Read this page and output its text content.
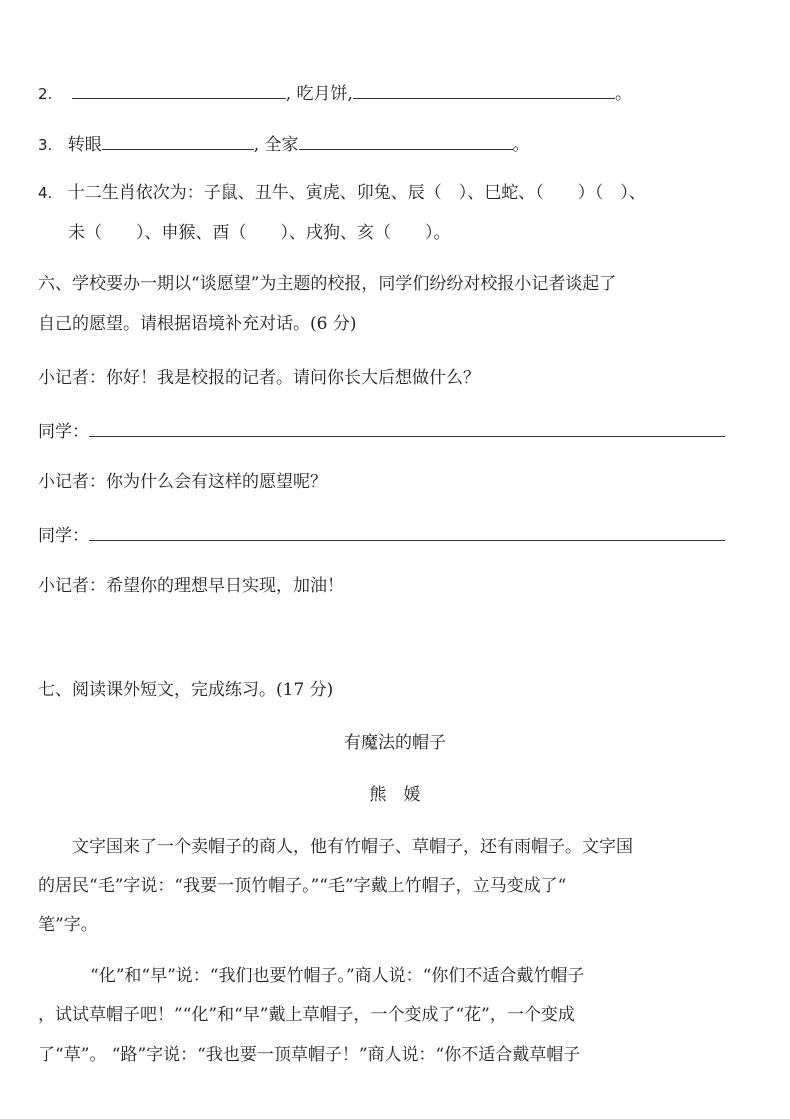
2.	, 吃月饼,	。
3. 转眼	, 全家	。
4. 十二生肖依次为：子鼠、丑牛、寅虎、卯兔、辰（　）、巳蛇、（　　）（　）、
未（　　）、申猴、酉（　　）、戌狗、亥（　　）。
六、学校要办一期以“谈愿望”为主题的校报，同学们纷纷对校报小记者谈起了
自己的愿望。请根据语境补充对话。(6 分)
小记者：你好！我是校报的记者。请问你长大后想做什么？
同学：
小记者：你为什么会有这样的愿望呢？
同学：
小记者：希望你的理想早日实现，加油！
七、阅读课外短文，完成练习。(17 分)
有魔法的帽子
熊　媛
文字国来了一个卖帽子的商人，他有竹帽子、草帽子，还有雨帽子。文字国
的居民“毛”字说：“我要一顶竹帽子。”“毛”字戴上竹帽子，立马变成了“
笔”字。
“化”和“早”说：“我们也要竹帽子。”商人说：“你们不适合戴竹帽子
，试试草帽子吧！”“化”和“早”戴上草帽子，一个变成了“花”，一个变成
了“草”。 “路”字说：“我也要一顶草帽子！”商人说：“你不适合戴草帽子
